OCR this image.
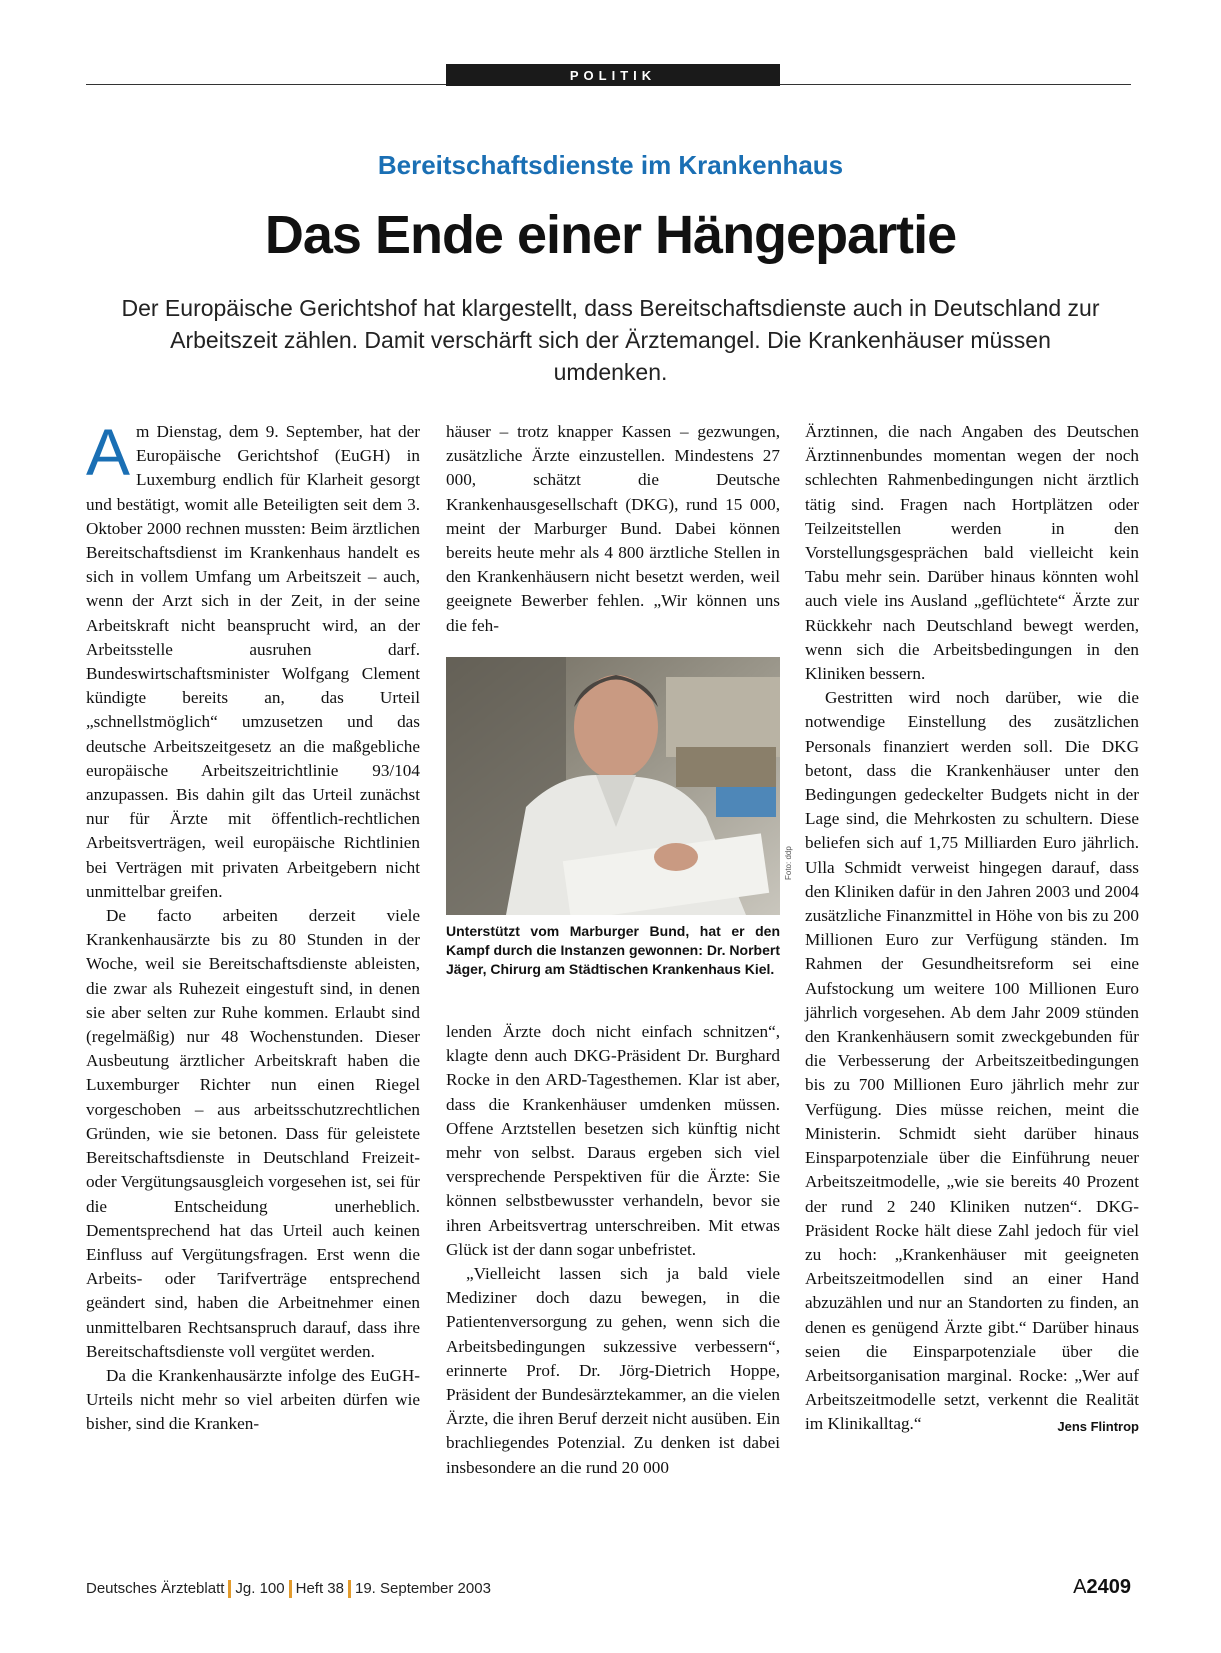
POLITIK
Bereitschaftsdienste im Krankenhaus
Das Ende einer Hängepartie
Der Europäische Gerichtshof hat klargestellt, dass Bereitschaftsdienste auch in Deutschland zur Arbeitszeit zählen. Damit verschärft sich der Ärztemangel. Die Krankenhäuser müssen umdenken.

Am Dienstag, dem 9. September, hat der Europäische Gerichtshof (EuGH) in Luxemburg endlich für Klarheit gesorgt und bestätigt, womit alle Beteiligten seit dem 3. Oktober 2000 rechnen mussten: Beim ärztlichen Bereitschaftsdienst im Krankenhaus handelt es sich in vollem Umfang um Arbeitszeit – auch, wenn der Arzt sich in der Zeit, in der seine Arbeitskraft nicht beansprucht wird, an der Arbeitsstelle ausruhen darf. Bundeswirtschaftsminister Wolfgang Clement kündigte bereits an, das Urteil „schnellstmöglich“ umzusetzen und das deutsche Arbeitszeitgesetz an die maßgebliche europäische Arbeitszeitrichtlinie 93/104 anzupassen. Bis dahin gilt das Urteil zunächst nur für Ärzte mit öffentlich-rechtlichen Arbeitsverträgen, weil europäische Richtlinien bei Verträgen mit privaten Arbeitgebern nicht unmittelbar greifen.

De facto arbeiten derzeit viele Krankenhausärzte bis zu 80 Stunden in der Woche, weil sie Bereitschaftsdienste ableisten, die zwar als Ruhezeit eingestuft sind, in denen sie aber selten zur Ruhe kommen. Erlaubt sind (regelmäßig) nur 48 Wochenstunden. Dieser Ausbeutung ärztlicher Arbeitskraft haben die Luxemburger Richter nun einen Riegel vorgeschoben – aus arbeitsschutzrechtlichen Gründen, wie sie betonen. Dass für geleistete Bereitschaftsdienste in Deutschland Freizeit- oder Vergütungsausgleich vorgesehen ist, sei für die Entscheidung unerheblich. Dementsprechend hat das Urteil auch keinen Einfluss auf Vergütungsfragen. Erst wenn die Arbeits- oder Tarifverträge entsprechend geändert sind, haben die Arbeitnehmer einen unmittelbaren Rechtsanspruch darauf, dass ihre Bereitschaftsdienste voll vergütet werden.

Da die Krankenhausärzte infolge des EuGH-Urteils nicht mehr so viel arbeiten dürfen wie bisher, sind die Kranken-

häuser – trotz knapper Kassen – gezwungen, zusätzliche Ärzte einzustellen. Mindestens 27 000, schätzt die Deutsche Krankenhausgesellschaft (DKG), rund 15 000, meint der Marburger Bund. Dabei können bereits heute mehr als 4 800 ärztliche Stellen in den Krankenhäusern nicht besetzt werden, weil geeignete Bewerber fehlen. „Wir können uns die feh-

Foto: ddp
Unterstützt vom Marburger Bund, hat er den Kampf durch die Instanzen gewonnen: Dr. Norbert Jäger, Chirurg am Städtischen Krankenhaus Kiel.

lenden Ärzte doch nicht einfach schnitzen“, klagte denn auch DKG-Präsident Dr. Burghard Rocke in den ARD-Tagesthemen. Klar ist aber, dass die Krankenhäuser umdenken müssen. Offene Arztstellen besetzen sich künftig nicht mehr von selbst. Daraus ergeben sich viel versprechende Perspektiven für die Ärzte: Sie können selbstbewusster verhandeln, bevor sie ihren Arbeitsvertrag unterschreiben. Mit etwas Glück ist der dann sogar unbefristet.

„Vielleicht lassen sich ja bald viele Mediziner doch dazu bewegen, in die Patientenversorgung zu gehen, wenn sich die Arbeitsbedingungen sukzessive verbessern“, erinnerte Prof. Dr. Jörg-Dietrich Hoppe, Präsident der Bundesärztekammer, an die vielen Ärzte, die ihren Beruf derzeit nicht ausüben. Ein brachliegendes Potenzial. Zu denken ist dabei insbesondere an die rund 20 000

Ärztinnen, die nach Angaben des Deutschen Ärztinnenbundes momentan wegen der noch schlechten Rahmenbedingungen nicht ärztlich tätig sind. Fragen nach Hortplätzen oder Teilzeitstellen werden in den Vorstellungsgesprächen bald vielleicht kein Tabu mehr sein. Darüber hinaus könnten wohl auch viele ins Ausland „geflüchtete“ Ärzte zur Rückkehr nach Deutschland bewegt werden, wenn sich die Arbeitsbedingungen in den Kliniken bessern.

Gestritten wird noch darüber, wie die notwendige Einstellung des zusätzlichen Personals finanziert werden soll. Die DKG betont, dass die Krankenhäuser unter den Bedingungen gedeckelter Budgets nicht in der Lage sind, die Mehrkosten zu schultern. Diese beliefen sich auf 1,75 Milliarden Euro jährlich. Ulla Schmidt verweist hingegen darauf, dass den Kliniken dafür in den Jahren 2003 und 2004 zusätzliche Finanzmittel in Höhe von bis zu 200 Millionen Euro zur Verfügung ständen. Im Rahmen der Gesundheitsreform sei eine Aufstockung um weitere 100 Millionen Euro jährlich vorgesehen. Ab dem Jahr 2009 stünden den Krankenhäusern somit zweckgebunden für die Verbesserung der Arbeitszeitbedingungen bis zu 700 Millionen Euro jährlich mehr zur Verfügung. Dies müsse reichen, meint die Ministerin. Schmidt sieht darüber hinaus Einsparpotenziale über die Einführung neuer Arbeitszeitmodelle, „wie sie bereits 40 Prozent der rund 2 240 Kliniken nutzen“. DKG-Präsident Rocke hält diese Zahl jedoch für viel zu hoch: „Krankenhäuser mit geeigneten Arbeitszeitmodellen sind an einer Hand abzuzählen und nur an Standorten zu finden, an denen es genügend Ärzte gibt.“ Darüber hinaus seien die Einsparpotenziale über die Arbeitsorganisation marginal. Rocke: „Wer auf Arbeitszeitmodelle setzt, verkennt die Realität im Klinikalltag.“	Jens Flintrop

Deutsches Ärzteblatt Jg. 100 Heft 38 19. September 2003	A2409
